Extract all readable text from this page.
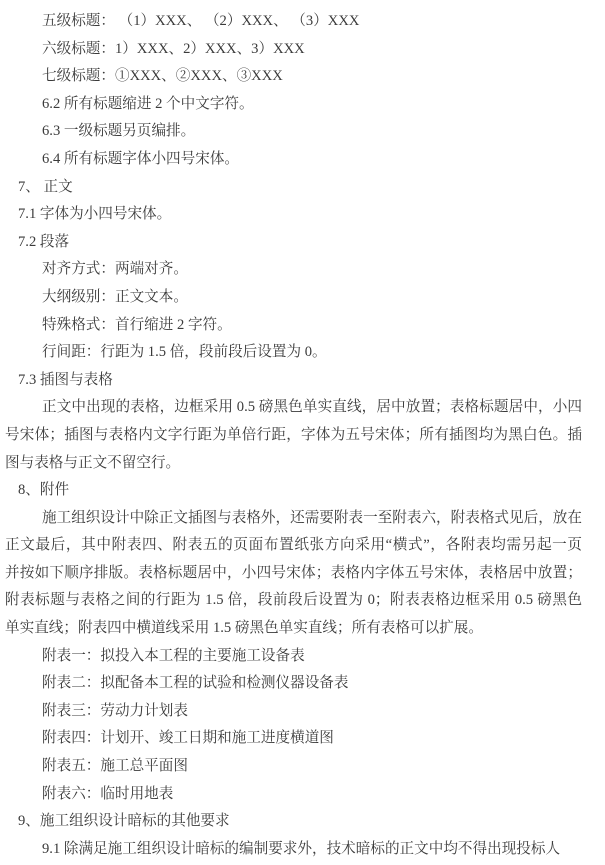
五级标题： （1）XXX、 （2）XXX、 （3）XXX
六级标题：1）XXX、2）XXX、3）XXX
七级标题：①XXX、②XXX、③XXX
6.2 所有标题缩进 2 个中文字符。
6.3 一级标题另页编排。
6.4 所有标题字体小四号宋体。
7、 正文
7.1 字体为小四号宋体。
7.2 段落
对齐方式：两端对齐。
大纲级别：正文文本。
特殊格式：首行缩进 2 字符。
行间距：行距为 1.5 倍，段前段后设置为 0。
7.3 插图与表格
正文中出现的表格，边框采用 0.5 磅黑色单实直线，居中放置；表格标题居中，小四
号宋体；插图与表格内文字行距为单倍行距，字体为五号宋体；所有插图均为黑白色。插
图与表格与正文不留空行。
8、附件
施工组织设计中除正文插图与表格外，还需要附表一至附表六，附表格式见后，放在
正文最后，其中附表四、附表五的页面布置纸张方向采用“横式”，各附表均需另起一页
并按如下顺序排版。表格标题居中，小四号宋体；表格内字体五号宋体，表格居中放置；
附表标题与表格之间的行距为 1.5 倍，段前段后设置为 0；附表表格边框采用 0.5 磅黑色
单实直线；附表四中横道线采用 1.5 磅黑色单实直线；所有表格可以扩展。
附表一：拟投入本工程的主要施工设备表
附表二：拟配备本工程的试验和检测仪器设备表
附表三：劳动力计划表
附表四：计划开、竣工日期和施工进度横道图
附表五：施工总平面图
附表六：临时用地表
9、施工组织设计暗标的其他要求
9.1 除满足施工组织设计暗标的编制要求外，技术暗标的正文中均不得出现投标人
